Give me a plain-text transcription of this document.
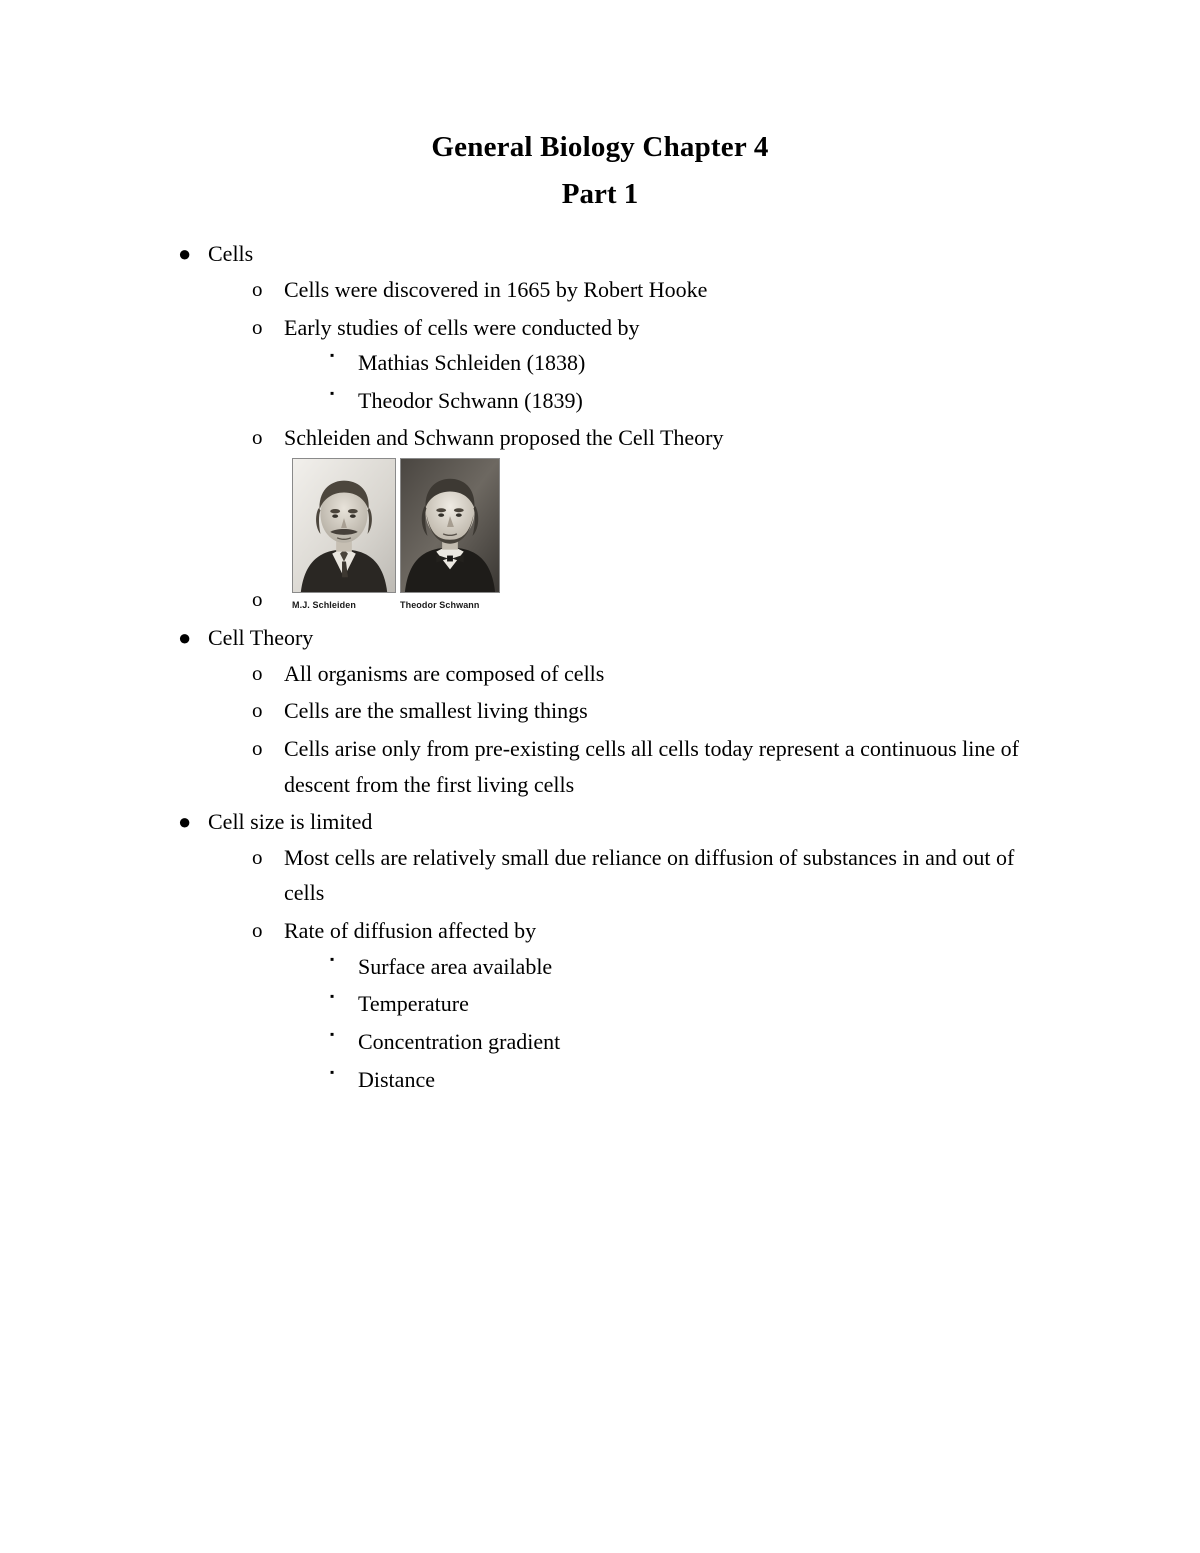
General Biology Chapter 4
Part 1
● Cells
o Cells were discovered in 1665 by Robert Hooke
o Early studies of cells were conducted by
▪ Mathias Schleiden (1838)
▪ Theodor Schwann (1839)
o Schleiden and Schwann proposed the Cell Theory
o	M.J. Schleiden	Theodor Schwann
● Cell Theory
o All organisms are composed of cells
o Cells are the smallest living things
o Cells arise only from pre-existing cells all cells today represent a continuous line of descent from the first living cells
● Cell size is limited
o Most cells are relatively small due reliance on diffusion of substances in and out of cells
o Rate of diffusion affected by
▪ Surface area available
▪ Temperature
▪ Concentration gradient
▪ Distance
